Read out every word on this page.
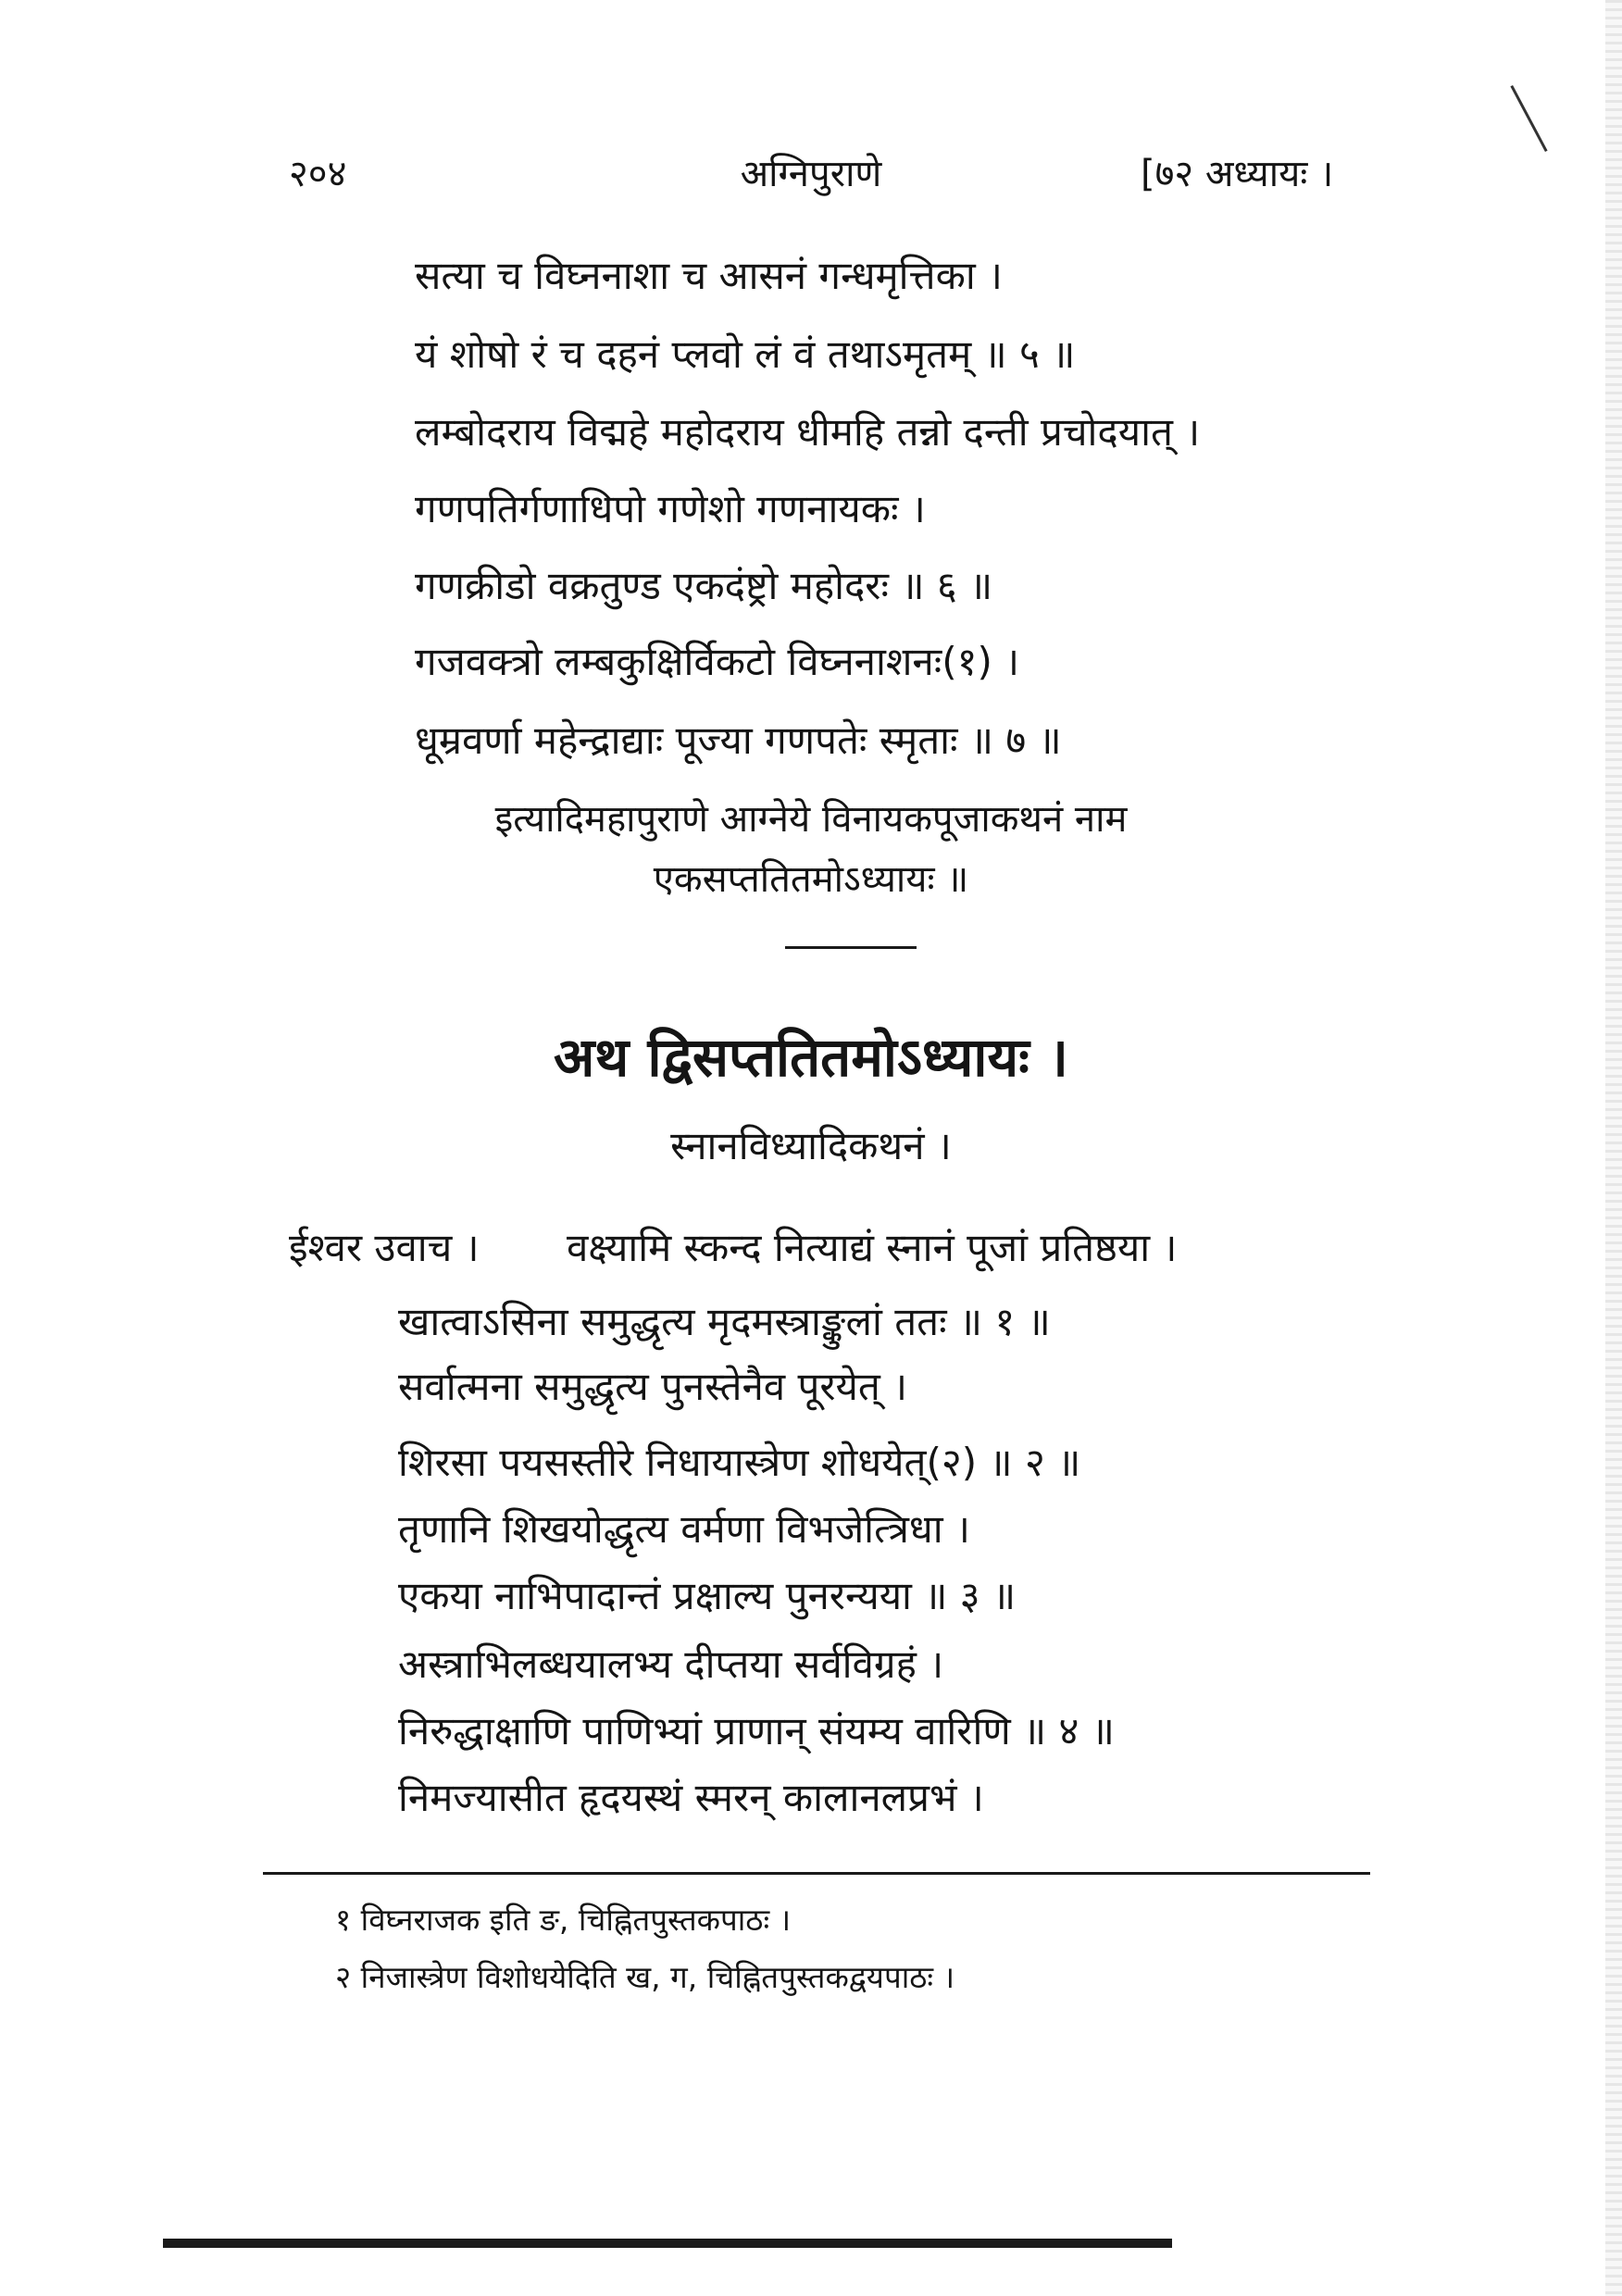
२०४	अग्निपुराणे	[७२ अध्यायः ।
सत्या च विघ्ननाशा च आसनं गन्धमृत्तिका ।
यं शोषो रं च दहनं प्लवो लं वं तथाऽमृतम् ॥ ५ ॥
लम्बोदराय विद्महे महोदराय धीमहि तन्नो दन्ती प्रचोदयात् ।
गणपतिर्गणाधिपो गणेशो गणनायकः ।
गणक्रीडो वक्रतुण्ड एकदंष्ट्रो महोदरः ॥ ६ ॥
गजवक्त्रो लम्बकुक्षिर्विकटो विघ्ननाशनः(१) ।
धूम्रवर्णा महेन्द्राद्याः पूज्या गणपतेः स्मृताः ॥ ७ ॥
इत्यादिमहापुराणे आग्नेये विनायकपूजाकथनं नाम
एकसप्ततितमोऽध्यायः ॥
अथ द्विसप्ततितमोऽध्यायः ।
स्नानविध्यादिकथनं ।
ईश्वर उवाच । वक्ष्यामि स्कन्द नित्याद्यं स्नानं पूजां प्रतिष्ठया ।
खात्वाऽसिना समुद्धृत्य मृदमस्त्राङ्कुलां ततः ॥ १ ॥
सर्वात्मना समुद्धृत्य पुनस्तेनैव पूरयेत् ।
शिरसा पयसस्तीरे निधायास्त्रेण शोधयेत्(२) ॥ २ ॥
तृणानि शिखयोद्धृत्य वर्मणा विभजेत्त्रिधा ।
एकया नाभिपादान्तं प्रक्षाल्य पुनरन्यया ॥ ३ ॥
अस्त्राभिलब्धयालभ्य दीप्तया सर्वविग्रहं ।
निरुद्धाक्षाणि पाणिभ्यां प्राणान् संयम्य वारिणि ॥ ४ ॥
निमज्यासीत हृदयस्थं स्मरन् कालानलप्रभं ।
१ विघ्नराजक इति ङ, चिह्नितपुस्तकपाठः ।
२ निजास्त्रेण विशोधयेदिति ख, ग, चिह्नितपुस्तकद्वयपाठः ।
